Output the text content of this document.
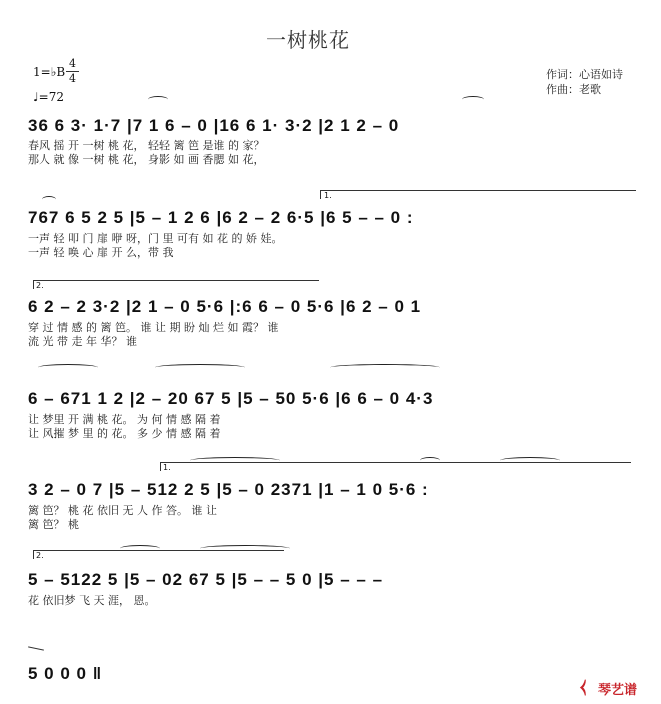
一树桃花
作词：心语如诗
作曲：老歌
1=♭B
4
4
♩=72
36 6 3· 1·7 |7 1 6 – 0 |16 6 1· 3·2 |2 1 2 – 0
春风 摇 开 一树 桃 花， 轻轻 篱 笆 是谁 的 家？
那人 就 像 一树 桃 花， 身影 如 画 香腮 如 花，
1.
767 6 5 2 5 |5 – 1 2 6 |6 2 – 2 6·5 |6 5 – – 0 :
一声 轻 叩 门 扉 咿 呀，门 里 可有 如 花 的 娇 娃。
一声 轻 唤 心 扉 开 么，带 我
2.
6 2 – 2 3·2 |2 1 – 0 5·6 |:6 6 – 0 5·6 |6 2 – 0 1
穿 过 情 感 的 篱 笆。 谁 让 期 盼 灿 烂 如 霞？ 谁
流 光 带 走 年 华？ 谁
6 – 671 1 2 |2 – 20 67 5 |5 – 50 5·6 |6 6 – 0 4·3
让 梦里 开 满 桃 花。 为 何 情 感 隔 着
让 风摧 梦 里 的 花。 多 少 情 感 隔 着
1.
3 2 – 0 7 |5 – 512 2 5 |5 – 0 2371 |1 – 1 0 5·6 :
篱 笆？ 桃 花 依旧 无 人 作 答。 谁 让
篱 笆？ 桃
2.
5 – 5122 5 |5 – 02 67 5 |5 – – 5 0 |5 – – –
花 依旧梦 飞 天 涯， 恩。
5 0 0 0 ‖
⧼ 琴艺谱
